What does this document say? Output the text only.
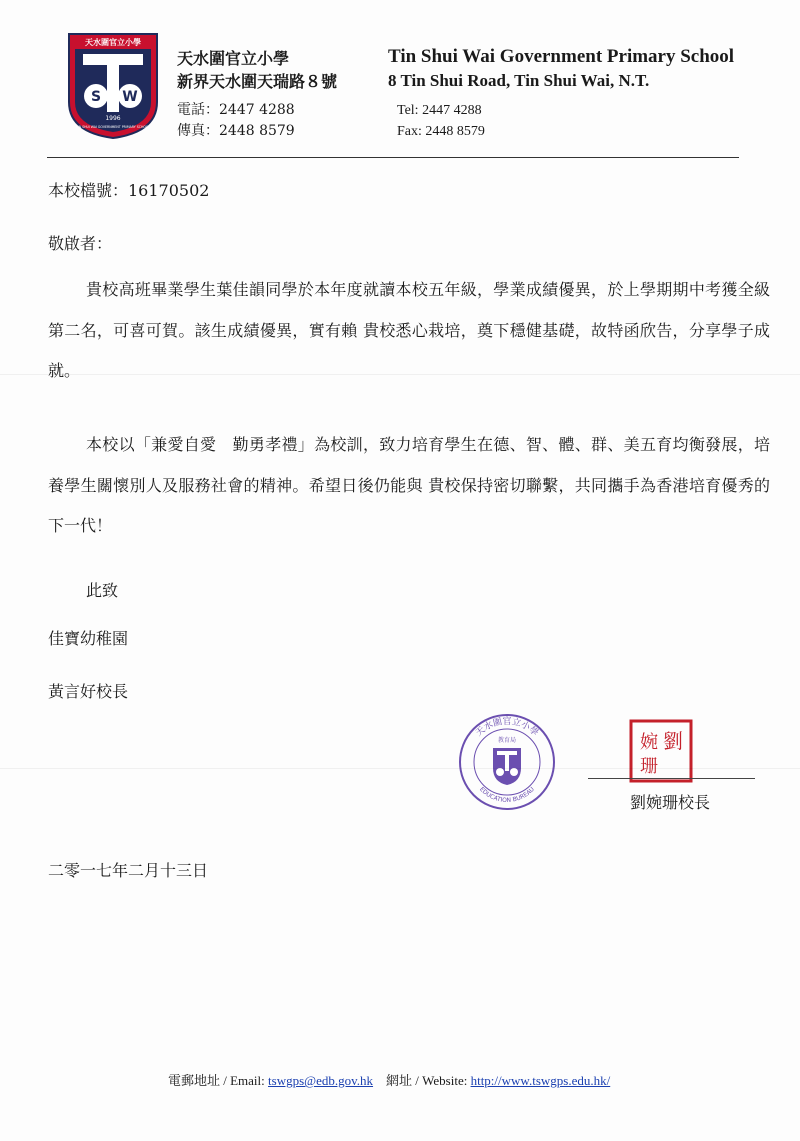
天水圍官立小學
S W
1996
TIN SHUI WAI GOVERNMENT PRIMARY SCHOOL
天水圍官立小學
新界天水圍天瑞路８號
電話：2447 4288
傳真：2448 8579
Tin Shui Wai Government Primary School
8 Tin Shui Road, Tin Shui Wai, N.T.
Tel: 2447 4288
Fax: 2448 8579
本校檔號：16170502
敬啟者：
貴校高班畢業學生葉佳韻同學於本年度就讀本校五年級，學業成績優異，於上學期期中考獲全級第二名，可喜可賀。該生成績優異，實有賴 貴校悉心栽培，奠下穩健基礎，故特函欣告，分享學子成就。
本校以「兼愛自愛　勤勇孝禮」為校訓，致力培育學生在德、智、體、群、美五育均衡發展，培養學生關懷別人及服務社會的精神。希望日後仍能與 貴校保持密切聯繫，共同攜手為香港培育優秀的下一代！
此致
佳寶幼稚園
黃言好校長
天水圍官立小學
EDUCATION BUREAU
教育局	劉
婉
珊
劉婉珊校長
二零一七年二月十三日
電郵地址 / Email: tswgps@edb.gov.hk 網址 / Website: http://www.tswgps.edu.hk/
